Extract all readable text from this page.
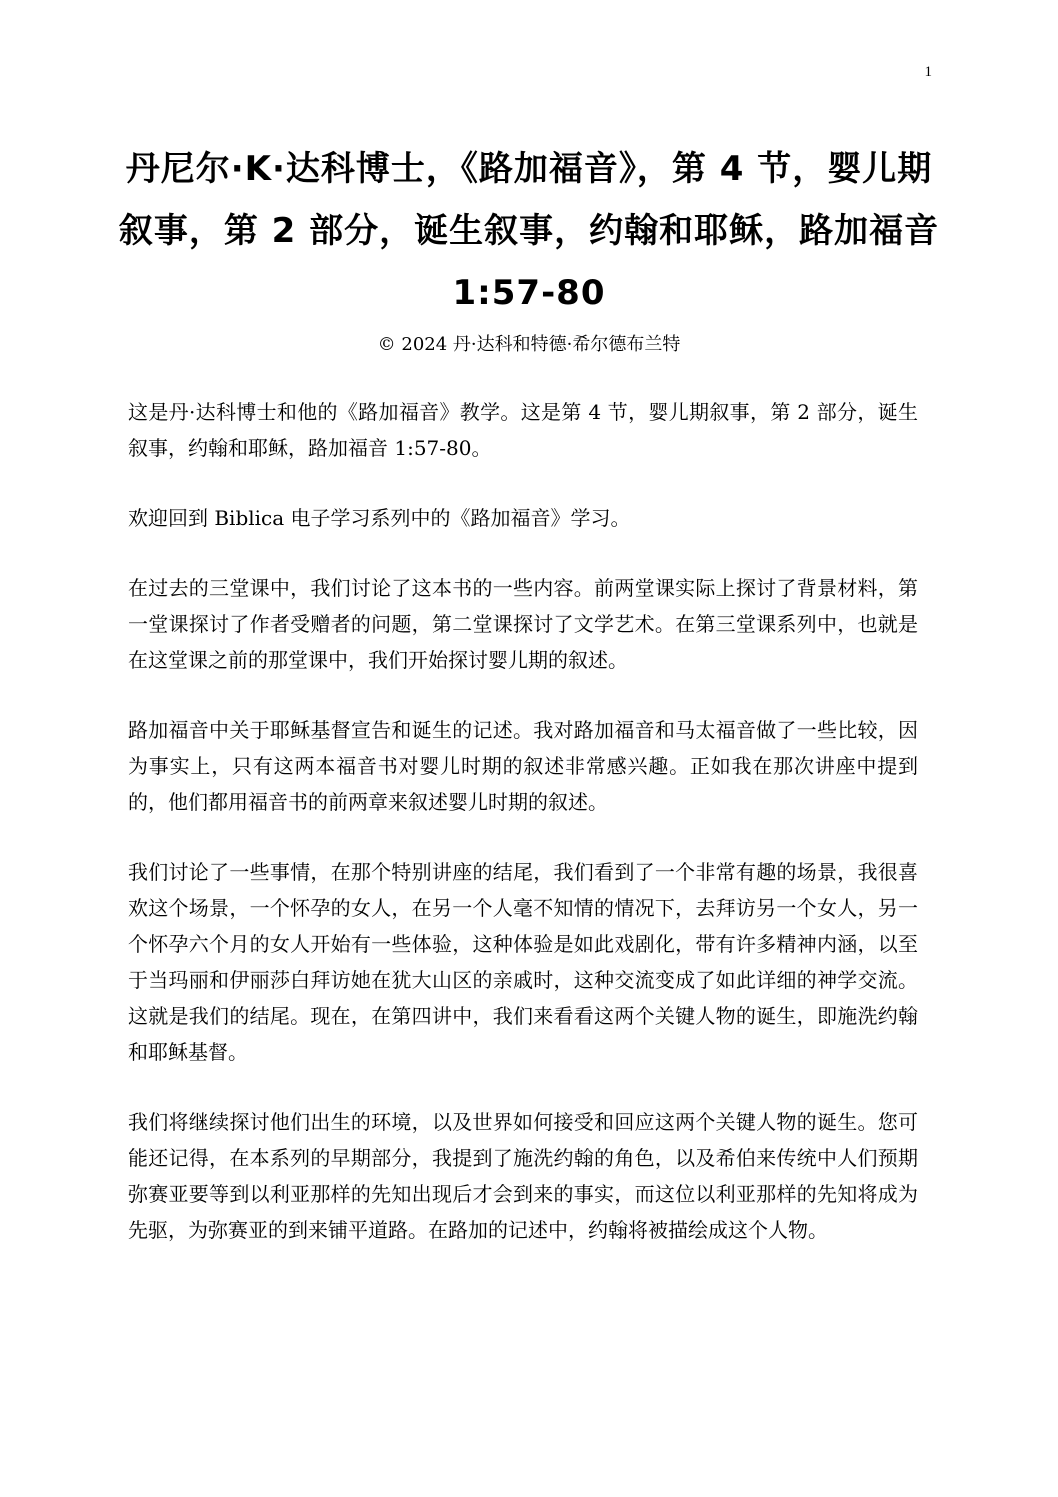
1
丹尼尔·K·达科博士，《路加福音》，第 4 节，婴儿期叙事，第 2 部分，诞生叙事，约翰和耶稣，路加福音 1:57-80
© 2024 丹·达科和特德·希尔德布兰特

这是丹·达科博士和他的《路加福音》教学。这是第 4 节，婴儿期叙事，第 2 部分，诞生叙事，约翰和耶稣，路加福音 1:57-80。

欢迎回到 Biblica 电子学习系列中的《路加福音》学习。

在过去的三堂课中，我们讨论了这本书的一些内容。前两堂课实际上探讨了背景材料，第一堂课探讨了作者受赠者的问题，第二堂课探讨了文学艺术。在第三堂课系列中，也就是在这堂课之前的那堂课中，我们开始探讨婴儿期的叙述。

路加福音中关于耶稣基督宣告和诞生的记述。我对路加福音和马太福音做了一些比较，因为事实上，只有这两本福音书对婴儿时期的叙述非常感兴趣。正如我在那次讲座中提到的，他们都用福音书的前两章来叙述婴儿时期的叙述。

我们讨论了一些事情，在那个特别讲座的结尾，我们看到了一个非常有趣的场景，我很喜欢这个场景，一个怀孕的女人，在另一个人毫不知情的情况下，去拜访另一个女人，另一个怀孕六个月的女人开始有一些体验，这种体验是如此戏剧化，带有许多精神内涵，以至于当玛丽和伊丽莎白拜访她在犹大山区的亲戚时，这种交流变成了如此详细的神学交流。这就是我们的结尾。现在，在第四讲中，我们来看看这两个关键人物的诞生，即施洗约翰和耶稣基督。

我们将继续探讨他们出生的环境，以及世界如何接受和回应这两个关键人物的诞生。您可能还记得，在本系列的早期部分，我提到了施洗约翰的角色，以及希伯来传统中人们预期弥赛亚要等到以利亚那样的先知出现后才会到来的事实，而这位以利亚那样的先知将成为先驱，为弥赛亚的到来铺平道路。在路加的记述中，约翰将被描绘成这个人物。
